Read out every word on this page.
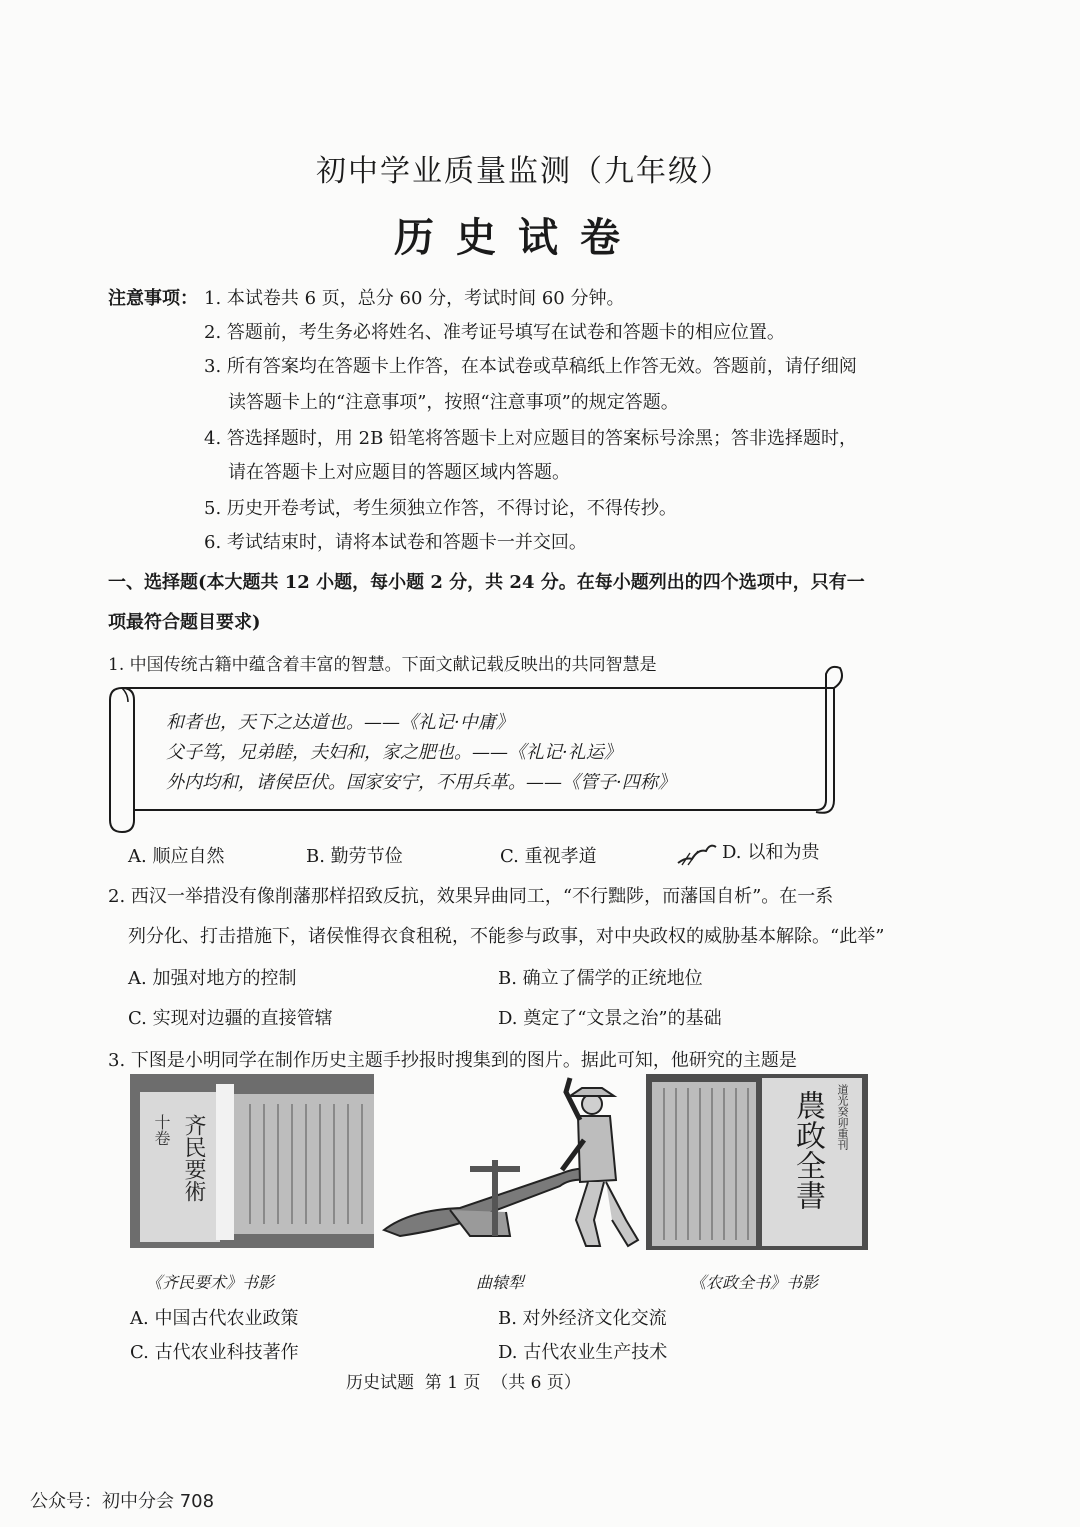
初中学业质量监测（九年级）
历史试卷
注意事项： 1. 本试卷共 6 页，总分 60 分，考试时间 60 分钟。
2. 答题前，考生务必将姓名、准考证号填写在试卷和答题卡的相应位置。
3. 所有答案均在答题卡上作答，在本试卷或草稿纸上作答无效。答题前，请仔细阅
读答题卡上的“注意事项”，按照“注意事项”的规定答题。
4. 答选择题时，用 2B 铅笔将答题卡上对应题目的答案标号涂黑；答非选择题时，
请在答题卡上对应题目的答题区域内答题。
5. 历史开卷考试，考生须独立作答，不得讨论，不得传抄。
6. 考试结束时，请将本试卷和答题卡一并交回。
一、选择题(本大题共 12 小题，每小题 2 分，共 24 分。在每小题列出的四个选项中，只有一
项最符合题目要求)
1. 中国传统古籍中蕴含着丰富的智慧。下面文献记载反映出的共同智慧是
和者也，天下之达道也。——《礼记·中庸》
父子笃，兄弟睦，夫妇和，家之肥也。——《礼记·礼运》
外内均和，诸侯臣伏。国家安宁，不用兵革。——《管子·四称》
A. 顺应自然	B. 勤劳节俭	C. 重视孝道	D. 以和为贵
2. 西汉一举措没有像削藩那样招致反抗，效果异曲同工，“不行黜陟，而藩国自析”。在一系
列分化、打击措施下，诸侯惟得衣食租税，不能参与政事，对中央政权的威胁基本解除。“此举”
A. 加强对地方的控制	B. 确立了儒学的正统地位
C. 实现对边疆的直接管辖	D. 奠定了“文景之治”的基础
3. 下图是小明同学在制作历史主题手抄报时搜集到的图片。据此可知，他研究的主题是
齐民要術
十卷	農政全書 道光癸卯重刊
《齐民要术》书影	曲辕犁	《农政全书》书影
A. 中国古代农业政策	B. 对外经济文化交流
C. 古代农业科技著作	D. 古代农业生产技术
历史试题  第 1 页  （共 6 页）
公众号：初中分会 708
